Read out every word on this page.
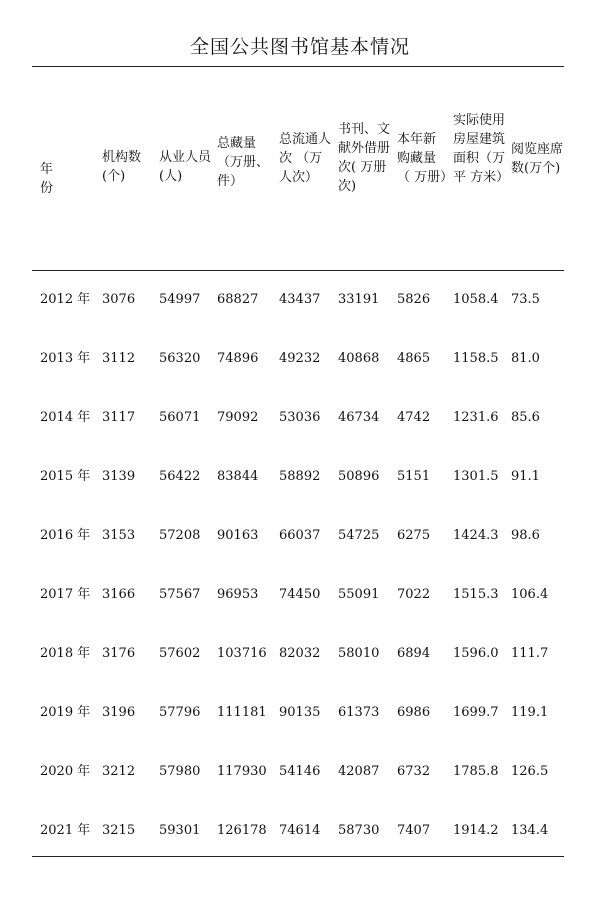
全国公共图书馆基本情况
年 份
机构数(个)
从业人员(人)
总藏量（万册、件）
总流通人 次 （万人次）
书刊、文献外借册次( 万册次)
本年新购藏量（ 万册）
实际使用房屋建筑面积（万 平 方米）
阅览座席数(万个)
2012 年 3076 54997 68827 43437 33191 5826 1058.4 73.5
2013 年 3112 56320 74896 49232 40868 4865 1158.5 81.0
2014 年 3117 56071 79092 53036 46734 4742 1231.6 85.6
2015 年 3139 56422 83844 58892 50896 5151 1301.5 91.1
2016 年 3153 57208 90163 66037 54725 6275 1424.3 98.6
2017 年 3166 57567 96953 74450 55091 7022 1515.3 106.4
2018 年 3176 57602 103716 82032 58010 6894 1596.0 111.7
2019 年 3196 57796 111181 90135 61373 6986 1699.7 119.1
2020 年 3212 57980 117930 54146 42087 6732 1785.8 126.5
2021 年 3215 59301 126178 74614 58730 7407 1914.2 134.4
